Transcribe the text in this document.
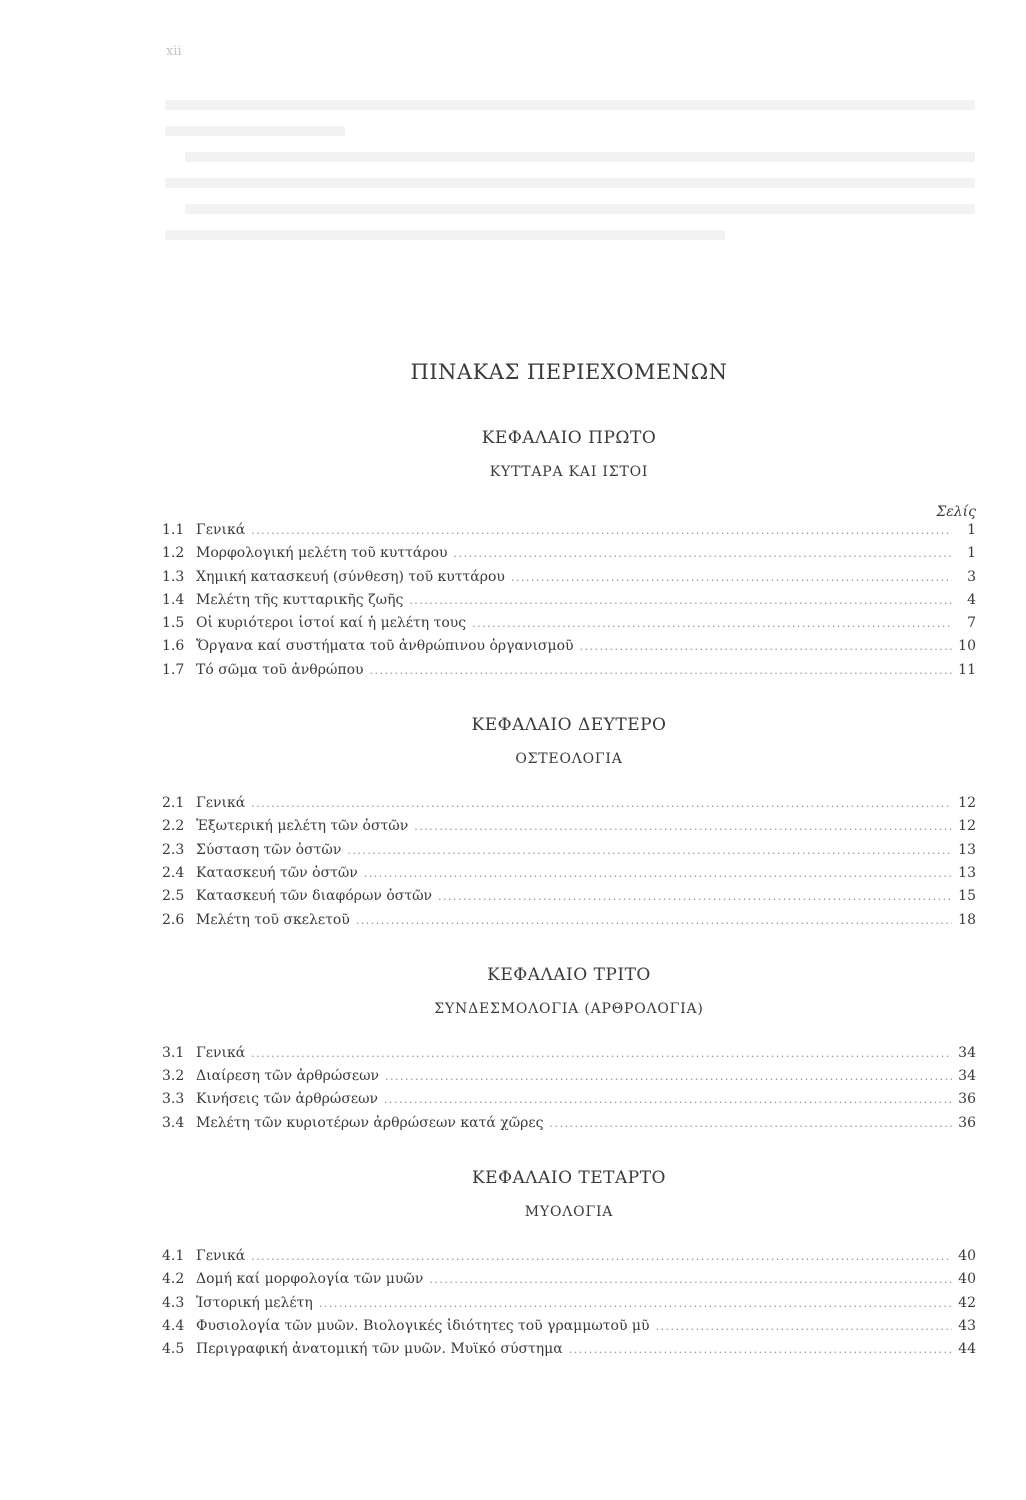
xii
ΠΙΝΑΚΑΣ ΠΕΡΙΕΧΟΜΕΝΩΝ
ΚΕΦΑΛΑΙΟ ΠΡΩΤΟ
ΚΥΤΤΑΡΑ ΚΑΙ ΙΣΤΟΙ
Σελίς
1.1 Γενικά .....	1
1.2 Μορφολογική μελέτη τοῦ κυττάρου .....	1
1.3 Χημική κατασκευή (σύνθεση) τοῦ κυττάρου .....	3
1.4 Μελέτη τῆς κυτταρικῆς ζωῆς .....	4
1.5 Οἱ κυριότεροι ἱστοί καί ἡ μελέτη τους .....	7
1.6 Ὄργανα καί συστήματα τοῦ ἀνθρώπινου ὀργανισμοῦ .....	10
1.7 Τό σῶμα τοῦ ἀνθρώπου .....	11
ΚΕΦΑΛΑΙΟ ΔΕΥΤΕΡΟ
ΟΣΤΕΟΛΟΓΙΑ
2.1 Γενικά .....	12
2.2 Ἐξωτερική μελέτη τῶν ὀστῶν .....	12
2.3 Σύσταση τῶν ὀστῶν .....	13
2.4 Κατασκευή τῶν ὀστῶν .....	13
2.5 Κατασκευή τῶν διαφόρων ὀστῶν .....	15
2.6 Μελέτη τοῦ σκελετοῦ .....	18
ΚΕΦΑΛΑΙΟ ΤΡΙΤΟ
ΣΥΝΔΕΣΜΟΛΟΓΙΑ (ΑΡΘΡΟΛΟΓΙΑ)
3.1 Γενικά .....	34
3.2 Διαίρεση τῶν ἀρθρώσεων .....	34
3.3 Κινήσεις τῶν ἀρθρώσεων .....	36
3.4 Μελέτη τῶν κυριοτέρων ἀρθρώσεων κατά χῶρες .....	36
ΚΕΦΑΛΑΙΟ ΤΕΤΑΡΤΟ
ΜΥΟΛΟΓΙΑ
4.1 Γενικά .....	40
4.2 Δομή καί μορφολογία τῶν μυῶν .....	40
4.3 Ἱστορική μελέτη .....	42
4.4 Φυσιολογία τῶν μυῶν. Βιολογικές ἰδιότητες τοῦ γραμμωτοῦ μῦ .....	43
4.5 Περιγραφική ἀνατομική τῶν μυῶν. Μυϊκό σύστημα .....	44
